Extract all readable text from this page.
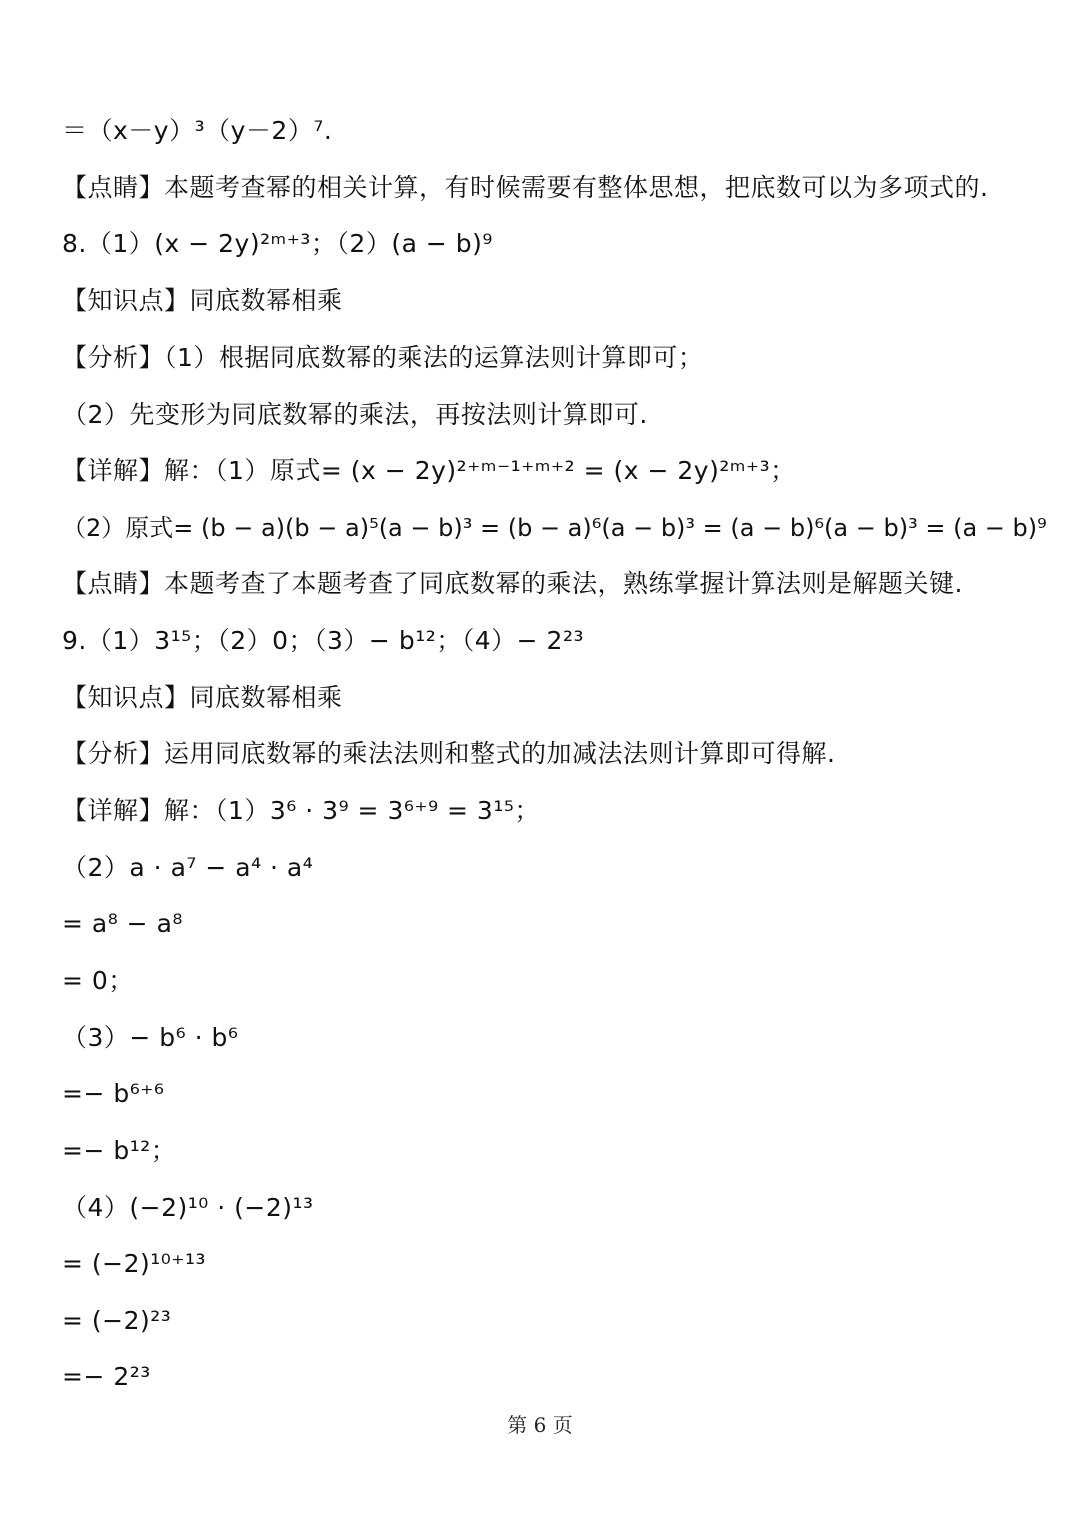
＝（x－y）³（y－2）⁷.
【点睛】本题考查幂的相关计算，有时候需要有整体思想，把底数可以为多项式的.
8.（1）(x − 2y)²ᵐ⁺³；（2）(a − b)⁹
【知识点】同底数幂相乘
【分析】（1）根据同底数幂的乘法的运算法则计算即可；
（2）先变形为同底数幂的乘法，再按法则计算即可.
【详解】解：（1）原式= (x − 2y)²⁺ᵐ⁻¹⁺ᵐ⁺² = (x − 2y)²ᵐ⁺³；
（2）原式= (b − a)(b − a)⁵(a − b)³ = (b − a)⁶(a − b)³ = (a − b)⁶(a − b)³ = (a − b)⁹
【点睛】本题考查了本题考查了同底数幂的乘法，熟练掌握计算法则是解题关键.
9.（1）3¹⁵；（2）0；（3）− b¹²；（4）− 2²³
【知识点】同底数幂相乘
【分析】运用同底数幂的乘法法则和整式的加减法法则计算即可得解.
【详解】解：（1）3⁶ · 3⁹ = 3⁶⁺⁹ = 3¹⁵；
（2）a · a⁷ − a⁴ · a⁴
= a⁸ − a⁸
= 0；
（3）− b⁶ · b⁶
=− b⁶⁺⁶
=− b¹²；
（4）(−2)¹⁰ · (−2)¹³
= (−2)¹⁰⁺¹³
= (−2)²³
=− 2²³
第 6 页
